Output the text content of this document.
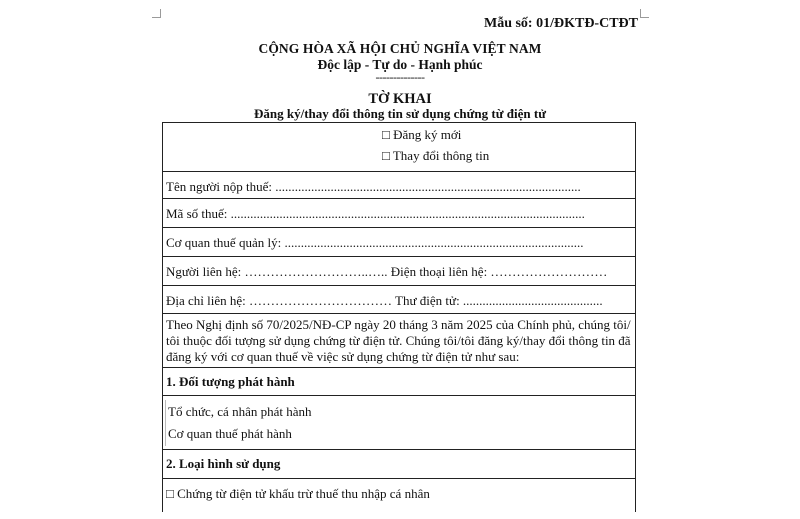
Mẫu số: 01/ĐKTĐ-CTĐT
CỘNG HÒA XÃ HỘI CHỦ NGHĨA VIỆT NAM
Độc lập - Tự do - Hạnh phúc
--------------
TỜ KHAI
Đăng ký/thay đổi thông tin sử dụng chứng từ điện tử
□ Đăng ký mới
□ Thay đổi thông tin
Tên người nộp thuế: ..............................................................................................
Mã số thuế: .............................................................................................................
Cơ quan thuế quản lý: ............................................................................................
Người liên hệ: ………………………..….. Điện thoại liên hệ: ………………………
Địa chỉ liên hệ: …………………………… Thư điện tử: ...........................................
Theo Nghị định số 70/2025/NĐ-CP ngày 20 tháng 3 năm 2025 của Chính phủ, chúng tôi/ tôi thuộc đối tượng sử dụng chứng từ điện tử. Chúng tôi/tôi đăng ký/thay đổi thông tin đã đăng ký với cơ quan thuế về việc sử dụng chứng từ điện tử như sau:
1. Đối tượng phát hành
Tổ chức, cá nhân phát hành
Cơ quan thuế phát hành
2. Loại hình sử dụng
□ Chứng từ điện tử khấu trừ thuế thu nhập cá nhân
